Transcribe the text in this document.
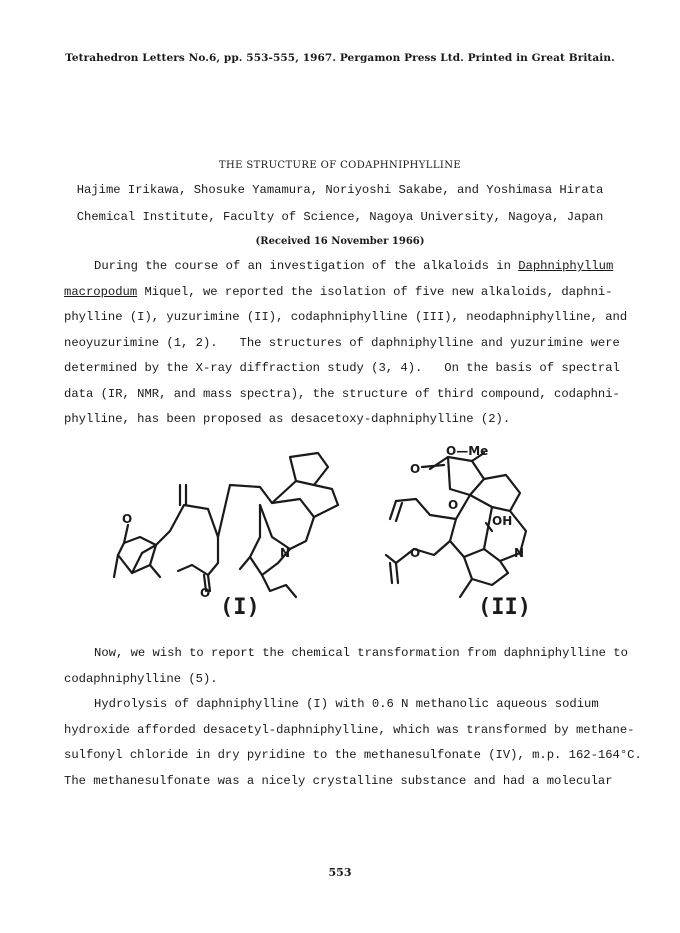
Tetrahedron Letters No.6, pp. 553-555, 1967. Pergamon Press Ltd. Printed in Great Britain.
THE STRUCTURE OF CODAPHNIPHYLLINE
Hajime Irikawa, Shosuke Yamamura, Noriyoshi Sakabe, and Yoshimasa Hirata
Chemical Institute, Faculty of Science, Nagoya University, Nagoya, Japan
(Received 16 November 1966)
During the course of an investigation of the alkaloids in Daphniphyllum
macropodum Miquel, we reported the isolation of five new alkaloids, daphni-
phylline (I), yuzurimine (II), codaphniphylline (III), neodaphniphylline, and
neoyuzurimine (1, 2).   The structures of daphniphylline and yuzurimine were
determined by the X-ray diffraction study (3, 4).   On the basis of spectral
data (IR, NMR, and mass spectra), the structure of third compound, codaphni-
phylline, has been proposed as desacetoxy-daphniphylline (2).
O
O
N
O
O—Me
O
OH
N
O
(I)	(II)
Now, we wish to report the chemical transformation from daphniphylline to
codaphniphylline (5).
Hydrolysis of daphniphylline (I) with 0.6 N methanolic aqueous sodium
hydroxide afforded desacetyl-daphniphylline, which was transformed by methane-
sulfonyl chloride in dry pyridine to the methanesulfonate (IV), m.p. 162-164°C.
The methanesulfonate was a nicely crystalline substance and had a molecular
553
